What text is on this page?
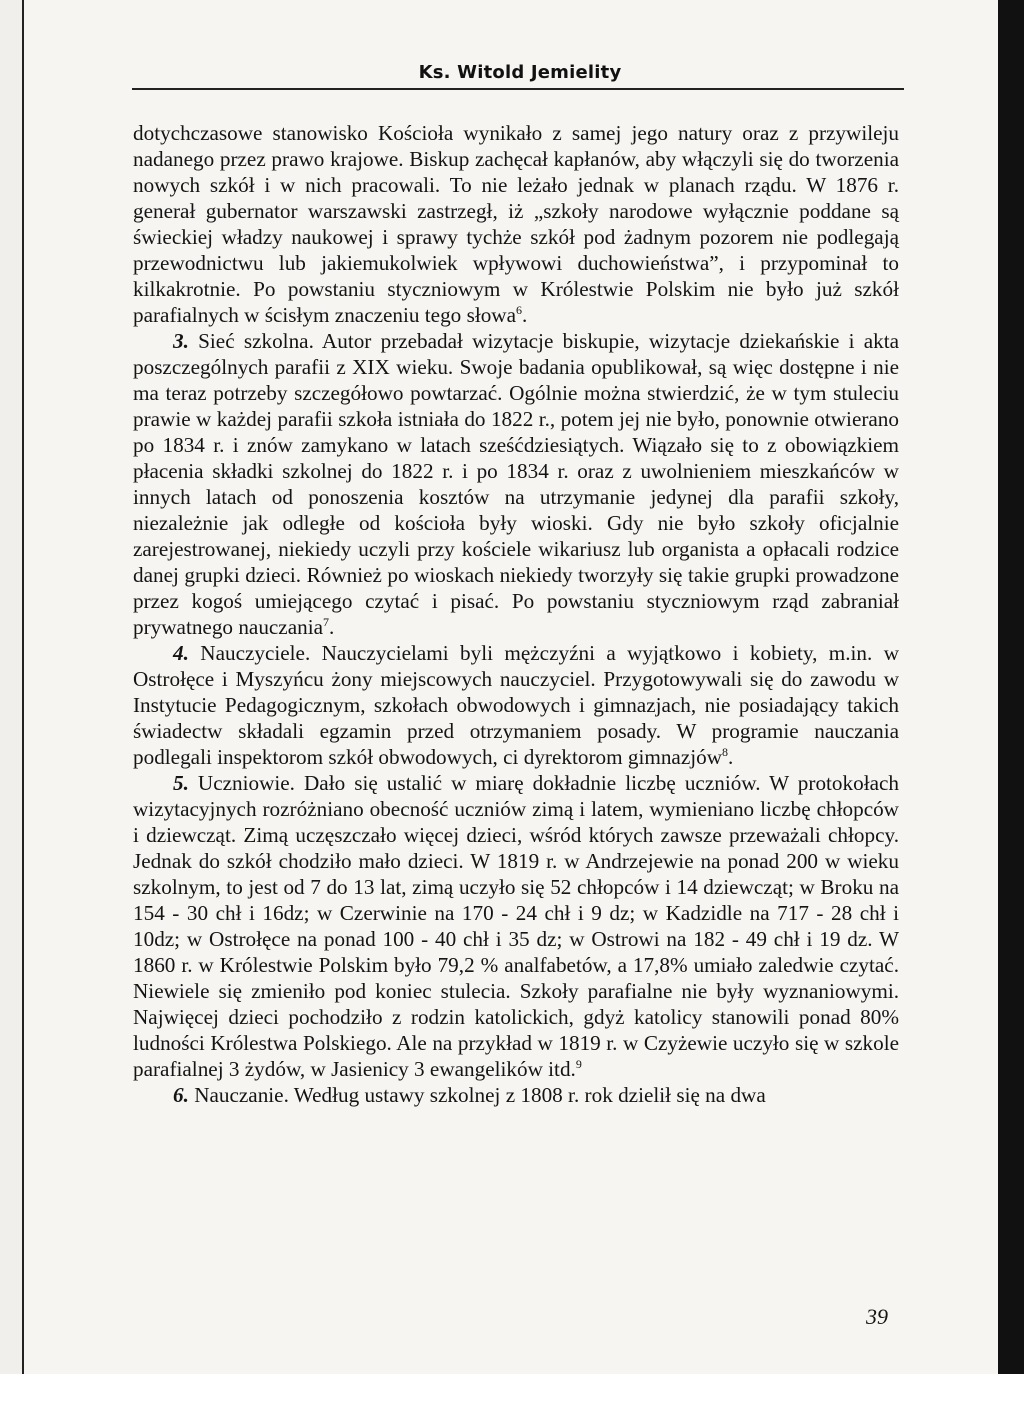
Ks. Witold Jemielity

dotychczasowe stanowisko Kościoła wynikało z samej jego natury oraz z przywileju nadanego przez prawo krajowe. Biskup zachęcał kapłanów, aby włączyli się do tworzenia nowych szkół i w nich pracowali. To nie leżało jednak w planach rządu. W 1876 r. generał gubernator warszawski zastrzegł, iż „szkoły narodowe wyłącznie poddane są świeckiej władzy naukowej i sprawy tychże szkół pod żadnym pozorem nie podlegają przewodnictwu lub jakiemukolwiek wpływowi duchowieństwa”, i przypominał to kilkakrotnie. Po powstaniu styczniowym w Królestwie Polskim nie było już szkół parafialnych w ścisłym znaczeniu tego słowa$^6$.

3. Sieć szkolna. Autor przebadał wizytacje biskupie, wizytacje dziekańskie i akta poszczególnych parafii z XIX wieku. Swoje badania opublikował, są więc dostępne i nie ma teraz potrzeby szczegółowo powtarzać. Ogólnie można stwierdzić, że w tym stuleciu prawie w każdej parafii szkoła istniała do 1822 r., potem jej nie było, ponownie otwierano po 1834 r. i znów zamykano w latach sześćdziesiątych. Wiązało się to z obowiązkiem płacenia składki szkolnej do 1822 r. i po 1834 r. oraz z uwolnieniem mieszkańców w innych latach od ponoszenia kosztów na utrzymanie jedynej dla parafii szkoły, niezależnie jak odległe od kościoła były wioski. Gdy nie było szkoły oficjalnie zarejestrowanej, niekiedy uczyli przy kościele wikariusz lub organista a opłacali rodzice danej grupki dzieci. Również po wioskach niekiedy tworzyły się takie grupki prowadzone przez kogoś umiejącego czytać i pisać. Po powstaniu styczniowym rząd zabraniał prywatnego nauczania$^7$.

4. Nauczyciele. Nauczycielami byli mężczyźni a wyjątkowo i kobiety, m.in. w Ostrołęce i Myszyńcu żony miejscowych nauczyciel. Przygotowywali się do zawodu w Instytucie Pedagogicznym, szkołach obwodowych i gimnazjach, nie posiadający takich świadectw składali egzamin przed otrzymaniem posady. W programie nauczania podlegali inspektorom szkół obwodowych, ci dyrektorom gimnazjów$^8$.

5. Uczniowie. Dało się ustalić w miarę dokładnie liczbę uczniów. W protokołach wizytacyjnych rozróżniano obecność uczniów zimą i latem, wymieniano liczbę chłopców i dziewcząt. Zimą uczęszczało więcej dzieci, wśród których zawsze przeważali chłopcy. Jednak do szkół chodziło mało dzieci. W 1819 r. w Andrzejewie na ponad 200 w wieku szkolnym, to jest od 7 do 13 lat, zimą uczyło się 52 chłopców i 14 dziewcząt; w Broku na 154 - 30 chł i 16dz; w Czerwinie na 170 - 24 chł i 9 dz; w Kadzidle na 717 - 28 chł i 10dz; w Ostrołęce na ponad 100 - 40 chł i 35 dz; w Ostrowi na 182 - 49 chł i 19 dz. W 1860 r. w Królestwie Polskim było 79,2 % analfabetów, a 17,8% umiało zaledwie czytać. Niewiele się zmieniło pod koniec stulecia. Szkoły parafialne nie były wyznaniowymi. Najwięcej dzieci pochodziło z rodzin katolickich, gdyż katolicy stanowili ponad 80% ludności Królestwa Polskiego. Ale na przykład w 1819 r. w Czyżewie uczyło się w szkole parafialnej 3 żydów, w Jasienicy 3 ewangelików itd.$^9$

6. Nauczanie. Według ustawy szkolnej z 1808 r. rok dzielił się na dwa

39
